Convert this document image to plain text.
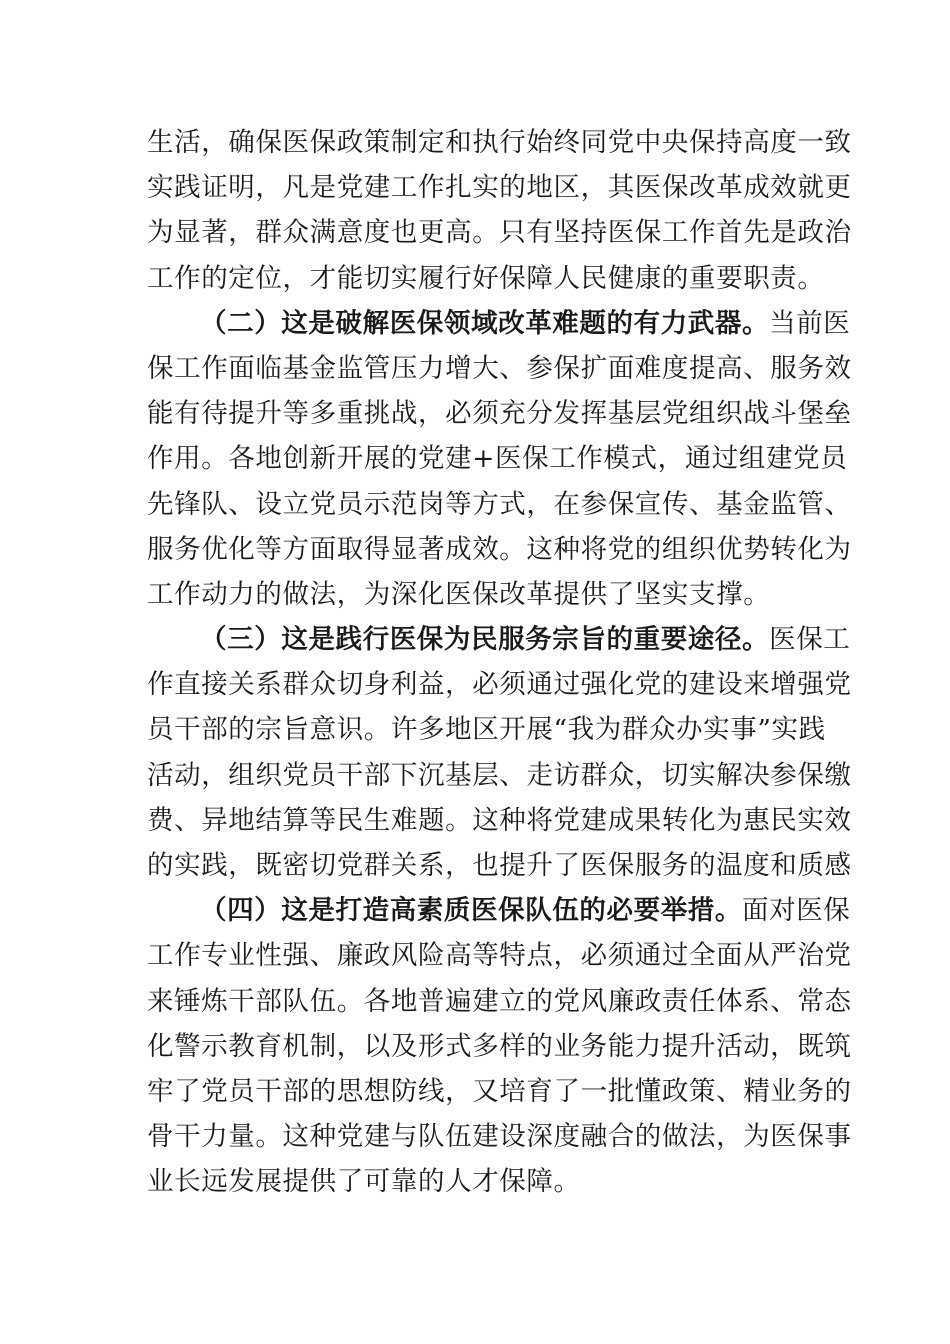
生活，确保医保政策制定和执行始终同党中央保持高度一致
实践证明，凡是党建工作扎实的地区，其医保改革成效就更
为显著，群众满意度也更高。只有坚持医保工作首先是政治
工作的定位，才能切实履行好保障人民健康的重要职责。
（二）这是破解医保领域改革难题的有力武器。当前医
保工作面临基金监管压力增大、参保扩面难度提高、服务效
能有待提升等多重挑战，必须充分发挥基层党组织战斗堡垒
作用。各地创新开展的党建+医保工作模式，通过组建党员
先锋队、设立党员示范岗等方式，在参保宣传、基金监管、
服务优化等方面取得显著成效。这种将党的组织优势转化为
工作动力的做法，为深化医保改革提供了坚实支撑。
（三）这是践行医保为民服务宗旨的重要途径。医保工
作直接关系群众切身利益，必须通过强化党的建设来增强党
员干部的宗旨意识。许多地区开展“我为群众办实事”实践
活动，组织党员干部下沉基层、走访群众，切实解决参保缴
费、异地结算等民生难题。这种将党建成果转化为惠民实效
的实践，既密切党群关系，也提升了医保服务的温度和质感
（四）这是打造高素质医保队伍的必要举措。面对医保
工作专业性强、廉政风险高等特点，必须通过全面从严治党
来锤炼干部队伍。各地普遍建立的党风廉政责任体系、常态
化警示教育机制，以及形式多样的业务能力提升活动，既筑
牢了党员干部的思想防线，又培育了一批懂政策、精业务的
骨干力量。这种党建与队伍建设深度融合的做法，为医保事
业长远发展提供了可靠的人才保障。
